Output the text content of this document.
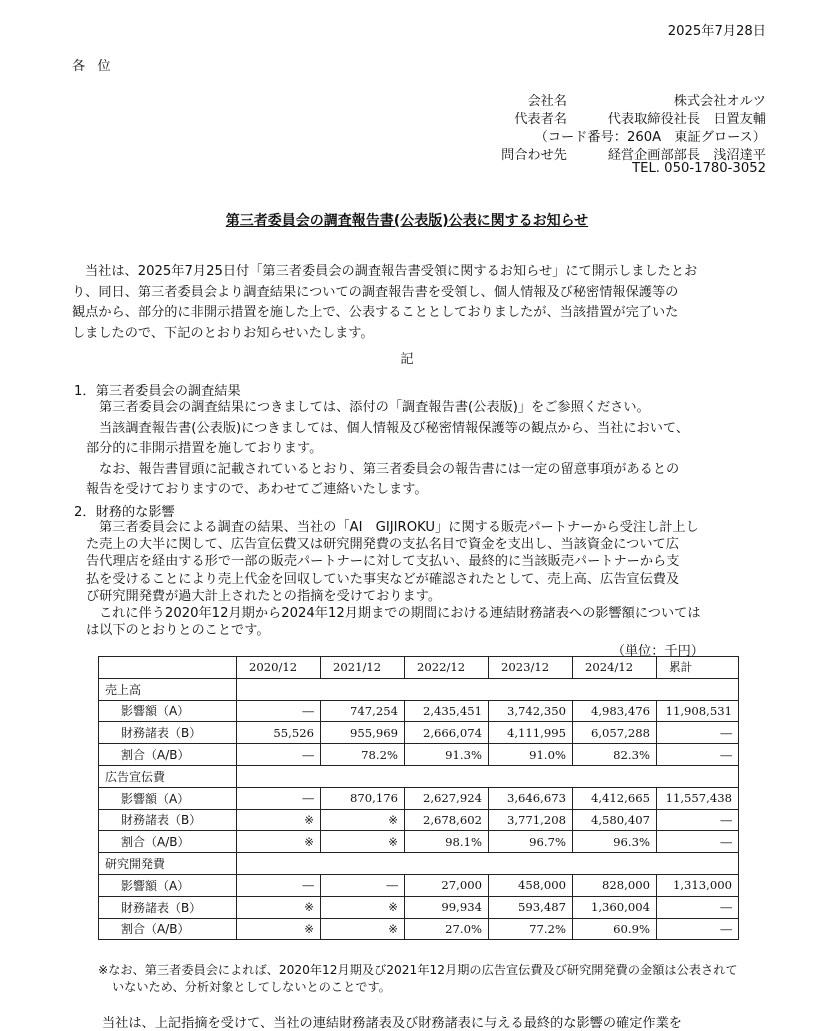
2025年7月28日
各 位
会社名	株式会社オルツ
代表者名	代表取締役社長　日置友輔
（コード番号：260A　東証グロース）
問合わせ先	経営企画部部長　浅沼達平
TEL. 050-1780-3052
第三者委員会の調査報告書(公表版)公表に関するお知らせ
当社は、2025年7月25日付「第三者委員会の調査報告書受領に関するお知らせ」にて開示しましたとお
り、同日、第三者委員会より調査結果についての調査報告書を受領し、個人情報及び秘密情報保護等の
観点から、部分的に非開示措置を施した上で、公表することとしておりましたが、当該措置が完了いた
しましたので、下記のとおりお知らせいたします。
記
1．第三者委員会の調査結果
第三者委員会の調査結果につきましては、添付の「調査報告書(公表版)」をご参照ください。
当該調査報告書(公表版)につきましては、個人情報及び秘密情報保護等の観点から、当社において、
部分的に非開示措置を施しております。
なお、報告書冒頭に記載されているとおり、第三者委員会の報告書には一定の留意事項があるとの
報告を受けておりますので、あわせてご連絡いたします。
2．財務的な影響
第三者委員会による調査の結果、当社の「AI　GIJIROKU」に関する販売パートナーから受注し計上し
た売上の大半に関して、広告宣伝費又は研究開発費の支払名目で資金を支出し、当該資金について広
告代理店を経由する形で一部の販売パートナーに対して支払い、最終的に当該販売パートナーから支
払を受けることにより売上代金を回収していた事実などが確認されたとして、売上高、広告宣伝費及
び研究開発費が過大計上されたとの指摘を受けております。
これに伴う2020年12月期から2024年12月期までの期間における連結財務諸表への影響額については
は以下のとおりとのことです。
（単位：千円）
	2020/12	2021/12	2022/12	2023/12	2024/12	累計
売上高						
影響額（A）	―	747,254	2,435,451	3,742,350	4,983,476	11,908,531
財務諸表（B）	55,526	955,969	2,666,074	4,111,995	6,057,288	―
割合（A/B）	―	78.2%	91.3%	91.0%	82.3%	―
広告宣伝費						
影響額（A）	―	870,176	2,627,924	3,646,673	4,412,665	11,557,438
財務諸表（B）	※	※	2,678,602	3,771,208	4,580,407	―
割合（A/B）	※	※	98.1%	96.7%	96.3%	―
研究開発費						
影響額（A）	―	―	27,000	458,000	828,000	1,313,000
財務諸表（B）	※	※	99,934	593,487	1,360,004	―
割合（A/B）	※	※	27.0%	77.2%	60.9%	―
※なお、第三者委員会によれば、2020年12月期及び2021年12月期の広告宣伝費及び研究開発費の金額は公表されて
いないため、分析対象としてしないとのことです。
当社は、上記指摘を受けて、当社の連結財務諸表及び財務諸表に与える最終的な影響の確定作業を
